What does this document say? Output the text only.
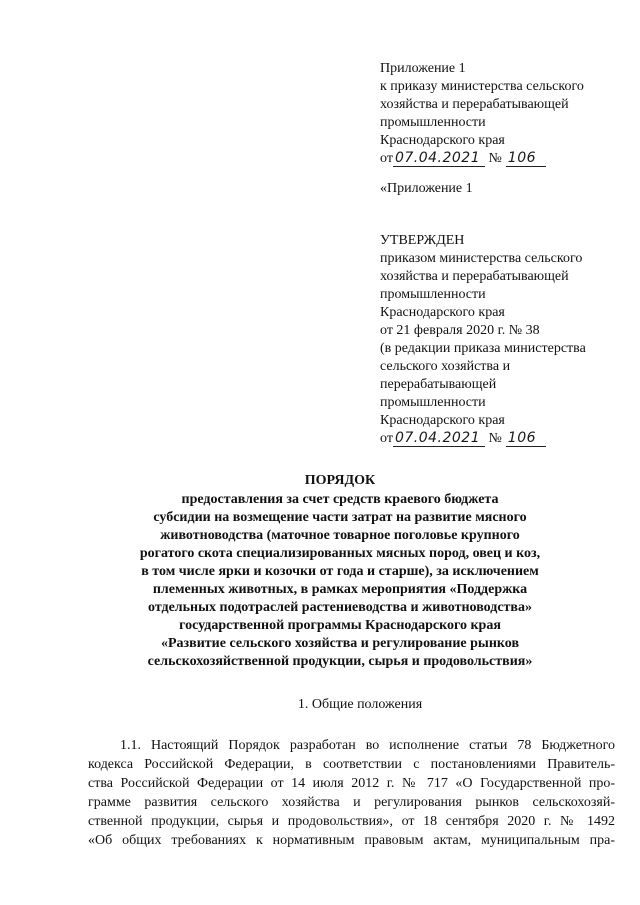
Приложение 1
к приказу министерства сельского
хозяйства и перерабатывающей
промышленности
Краснодарского края
от 07.04.2021 № 106
«Приложение 1
УТВЕРЖДЕН
приказом министерства сельского
хозяйства и перерабатывающей
промышленности
Краснодарского края
от 21 февраля 2020 г. № 38
(в редакции приказа министерства
сельского хозяйства и
перерабатывающей
промышленности
Краснодарского края
от 07.04.2021 № 106
ПОРЯДОК
предоставления за счет средств краевого бюджета
субсидии на возмещение части затрат на развитие мясного
животноводства (маточное товарное поголовье крупного
рогатого скота специализированных мясных пород, овец и коз,
в том числе ярки и козочки от года и старше), за исключением
племенных животных, в рамках мероприятия «Поддержка
отдельных подотраслей растениеводства и животноводства»
государственной программы Краснодарского края
«Развитие сельского хозяйства и регулирование рынков
сельскохозяйственной продукции, сырья и продовольствия»
1. Общие положения
1.1. Настоящий Порядок разработан во исполнение статьи 78 Бюджетного
кодекса Российской Федерации, в соответствии с постановлениями Правитель-
ства Российской Федерации от 14 июля 2012 г. № 717 «О Государственной про-
грамме развития сельского хозяйства и регулирования рынков сельскохозяй-
ственной продукции, сырья и продовольствия», от 18 сентября 2020 г. № 1492
«Об общих требованиях к нормативным правовым актам, муниципальным пра-
